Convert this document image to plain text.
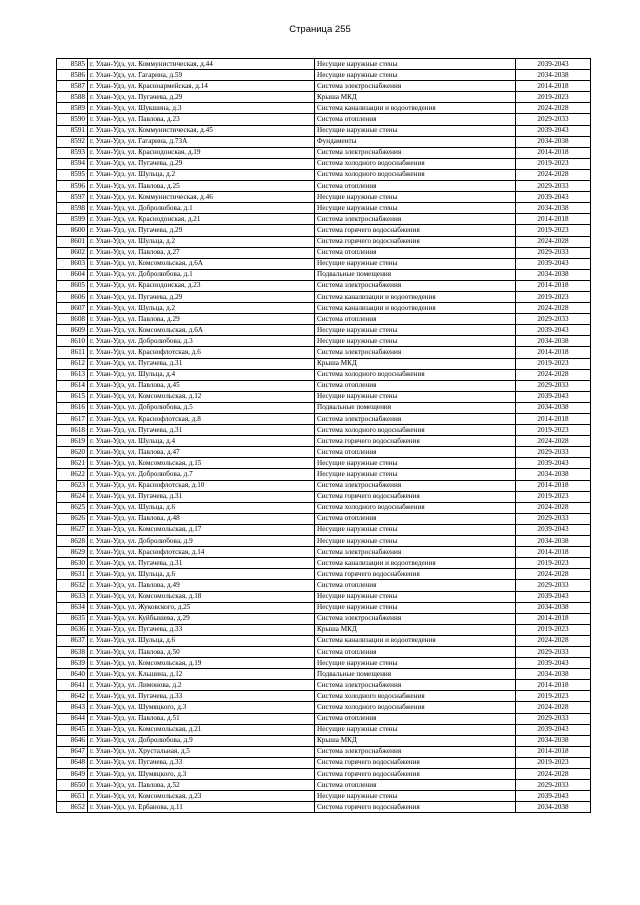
Страница 255
8585	г. Улан-Удэ, ул. Коммунистическая, д.44	Несущие наружные стены	2039-2043
8586	г. Улан-Удэ, ул. Гагарина, д.59	Несущие наружные стены	2034-2038
8587	г. Улан-Удэ, ул. Красноармейская, д.14	Система электроснабжения	2014-2018
8588	г. Улан-Удэ, ул. Пугачева, д.29	Крыша МКД	2019-2023
8589	г. Улан-Удэ, ул. Шукшина, д.3	Система канализации и водоотведения	2024-2028
8590	г. Улан-Удэ, ул. Павлова, д.23	Система отопления	2029-2033
8591	г. Улан-Удэ, ул. Коммунистическая, д.45	Несущие наружные стены	2039-2043
8592	г. Улан-Удэ, ул. Гагарина, д.73А	Фундаменты	2034-2038
8593	г. Улан-Удэ, ул. Краснодонская, д.19	Система электроснабжения	2014-2018
8594	г. Улан-Удэ, ул. Пугачева, д.29	Система холодного водоснабжения	2019-2023
8595	г. Улан-Удэ, ул. Шульца, д.2	Система холодного водоснабжения	2024-2028
8596	г. Улан-Удэ, ул. Павлова, д.25	Система отопления	2029-2033
8597	г. Улан-Удэ, ул. Коммунистическая, д.46	Несущие наружные стены	2039-2043
8598	г. Улан-Удэ, ул. Добролюбова, д.1	Несущие наружные стены	2034-2038
8599	г. Улан-Удэ, ул. Краснодонская, д.21	Система электроснабжения	2014-2018
8600	г. Улан-Удэ, ул. Пугачева, д.29	Система горячего водоснабжения	2019-2023
8601	г. Улан-Удэ, ул. Шульца, д.2	Система горячего водоснабжения	2024-2028
8602	г. Улан-Удэ, ул. Павлова, д.27	Система отопления	2029-2033
8603	г. Улан-Удэ, ул. Комсомольская, д.6А	Несущие наружные стены	2039-2043
8604	г. Улан-Удэ, ул. Добролюбова, д.1	Подвальные помещения	2034-2038
8605	г. Улан-Удэ, ул. Краснодонская, д.23	Система электроснабжения	2014-2018
8606	г. Улан-Удэ, ул. Пугачева, д.29	Система канализации и водоотведения	2019-2023
8607	г. Улан-Удэ, ул. Шульца, д.2	Система канализации и водоотведения	2024-2028
8608	г. Улан-Удэ, ул. Павлова, д.29	Система отопления	2029-2033
8609	г. Улан-Удэ, ул. Комсомольская, д.6А	Несущие наружные стены	2039-2043
8610	г. Улан-Удэ, ул. Добролюбова, д.3	Несущие наружные стены	2034-2038
8611	г. Улан-Удэ, ул. Краснофлотская, д.6	Система электроснабжения	2014-2018
8612	г. Улан-Удэ, ул. Пугачева, д.31	Крыша МКД	2019-2023
8613	г. Улан-Удэ, ул. Шульца, д.4	Система холодного водоснабжения	2024-2028
8614	г. Улан-Удэ, ул. Павлова, д.45	Система отопления	2029-2033
8615	г. Улан-Удэ, ул. Комсомольская, д.12	Несущие наружные стены	2039-2043
8616	г. Улан-Удэ, ул. Добролюбова, д.5	Подвальные помещения	2034-2038
8617	г. Улан-Удэ, ул. Краснофлотская, д.8	Система электроснабжения	2014-2018
8618	г. Улан-Удэ, ул. Пугачева, д.31	Система холодного водоснабжения	2019-2023
8619	г. Улан-Удэ, ул. Шульца, д.4	Система горячего водоснабжения	2024-2028
8620	г. Улан-Удэ, ул. Павлова, д.47	Система отопления	2029-2033
8621	г. Улан-Удэ, ул. Комсомольская, д.15	Несущие наружные стены	2039-2043
8622	г. Улан-Удэ, ул. Добролюбова, д.7	Несущие наружные стены	2034-2038
8623	г. Улан-Удэ, ул. Краснофлотская, д.10	Система электроснабжения	2014-2018
8624	г. Улан-Удэ, ул. Пугачева, д.31	Система горячего водоснабжения	2019-2023
8625	г. Улан-Удэ, ул. Шульца, д.6	Система холодного водоснабжения	2024-2028
8626	г. Улан-Удэ, ул. Павлова, д.48	Система отопления	2029-2033
8627	г. Улан-Удэ, ул. Комсомольская, д.17	Несущие наружные стены	2039-2043
8628	г. Улан-Удэ, ул. Добролюбова, д.9	Несущие наружные стены	2034-2038
8629	г. Улан-Удэ, ул. Краснофлотская, д.14	Система электроснабжения	2014-2018
8630	г. Улан-Удэ, ул. Пугачева, д.31	Система канализации и водоотведения	2019-2023
8631	г. Улан-Удэ, ул. Шульца, д.6	Система горячего водоснабжения	2024-2028
8632	г. Улан-Удэ, ул. Павлова, д.49	Система отопления	2029-2033
8633	г. Улан-Удэ, ул. Комсомольская, д.18	Несущие наружные стены	2039-2043
8634	г. Улан-Удэ, ул. Жуковского, д.25	Несущие наружные стены	2034-2038
8635	г. Улан-Удэ, ул. Куйбышева, д.29	Система электроснабжения	2014-2018
8636	г. Улан-Удэ, ул. Пугачева, д.33	Крыша МКД	2019-2023
8637	г. Улан-Удэ, ул. Шульца, д.6	Система канализации и водоотведения	2024-2028
8638	г. Улан-Удэ, ул. Павлова, д.50	Система отопления	2029-2033
8639	г. Улан-Удэ, ул. Комсомольская, д.19	Несущие наружные стены	2039-2043
8640	г. Улан-Удэ, ул. Кльшина, д.12	Подвальные помещения	2034-2038
8641	г. Улан-Удэ, ул. Лимонова, д.2	Система электроснабжения	2014-2018
8642	г. Улан-Удэ, ул. Пугачева, д.33	Система холодного водоснабжения	2019-2023
8643	г. Улан-Удэ, ул. Шумяцкого, д.3	Система холодного водоснабжения	2024-2028
8644	г. Улан-Удэ, ул. Павлова, д.51	Система отопления	2029-2033
8645	г. Улан-Удэ, ул. Комсомольская, д.21	Несущие наружные стены	2039-2043
8646	г. Улан-Удэ, ул. Добролюбова, д.9	Крыша МКД	2034-2038
8647	г. Улан-Удэ, ул. Хрустальная, д.5	Система электроснабжения	2014-2018
8648	г. Улан-Удэ, ул. Пугачева, д.33	Система горячего водоснабжения	2019-2023
8649	г. Улан-Удэ, ул. Шумяцкого, д.3	Система горячего водоснабжения	2024-2028
8650	г. Улан-Удэ, ул. Павлова, д.52	Система отопления	2029-2033
8651	г. Улан-Удэ, ул. Комсомольская, д.23	Несущие наружные стены	2039-2043
8652	г. Улан-Удэ, ул. Ербанова, д.11	Система горячего водоснабжения	2034-2038
